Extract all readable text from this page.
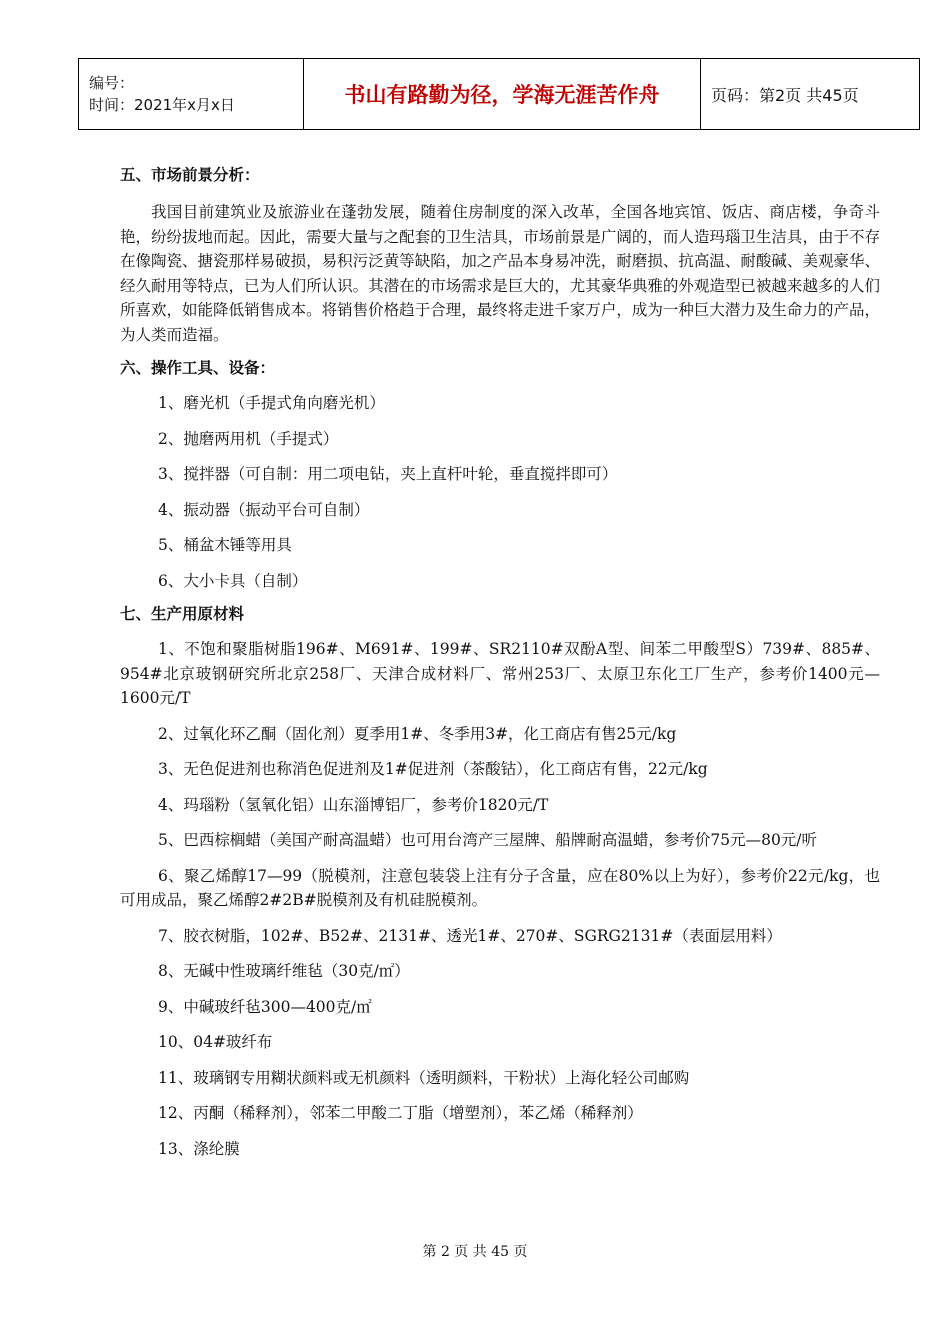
编号：
时间：2021年x月x日	书山有路勤为径，学海无涯苦作舟	页码：第2页 共45页

五、市场前景分析：

我国目前建筑业及旅游业在蓬勃发展，随着住房制度的深入改革，全国各地宾馆、饭店、商店楼，争奇斗艳，纷纷拔地而起。因此，需要大量与之配套的卫生洁具，市场前景是广阔的，而人造玛瑙卫生洁具，由于不存在像陶瓷、搪瓷那样易破损，易积污泛黄等缺陷，加之产品本身易冲洗，耐磨损、抗高温、耐酸碱、美观豪华、经久耐用等特点，已为人们所认识。其潜在的市场需求是巨大的，尤其豪华典雅的外观造型已被越来越多的人们所喜欢，如能降低销售成本。将销售价格趋于合理，最终将走进千家万户，成为一种巨大潜力及生命力的产品，为人类而造福。

六、操作工具、设备：

1、磨光机（手提式角向磨光机）

2、抛磨两用机（手提式）

3、搅拌器（可自制：用二项电钻，夹上直杆叶轮，垂直搅拌即可）

4、振动器（振动平台可自制）

5、桶盆木锤等用具

6、大小卡具（自制）

七、生产用原材料

1、不饱和聚脂树脂196#、M691#、199#、SR2110#双酚A型、间苯二甲酸型S）739#、885#、954#北京玻钢研究所北京258厂、天津合成材料厂、常州253厂、太原卫东化工厂生产，参考价1400元—1600元/T

2、过氧化环乙酮（固化剂）夏季用1#、冬季用3#，化工商店有售25元/kg

3、无色促进剂也称消色促进剂及1#促进剂（茶酸钴），化工商店有售，22元/kg

4、玛瑙粉（氢氧化铝）山东淄博铝厂，参考价1820元/T

5、巴西棕榈蜡（美国产耐高温蜡）也可用台湾产三屋牌、船牌耐高温蜡，参考价75元—80元/听

6、聚乙烯醇17—99（脱模剂，注意包装袋上注有分子含量，应在80%以上为好），参考价22元/kg，也可用成品，聚乙烯醇2#2B#脱模剂及有机硅脱模剂。

7、胶衣树脂，102#、B52#、2131#、透光1#、270#、SGRG2131#（表面层用料）

8、无碱中性玻璃纤维毡（30克/㎡）

9、中碱玻纤毡300—400克/㎡

10、04#玻纤布

11、玻璃钢专用糊状颜料或无机颜料（透明颜料，干粉状）上海化轻公司邮购

12、丙酮（稀释剂），邻苯二甲酸二丁脂（增塑剂），苯乙烯（稀释剂）

13、涤纶膜

第 2 页 共 45 页
